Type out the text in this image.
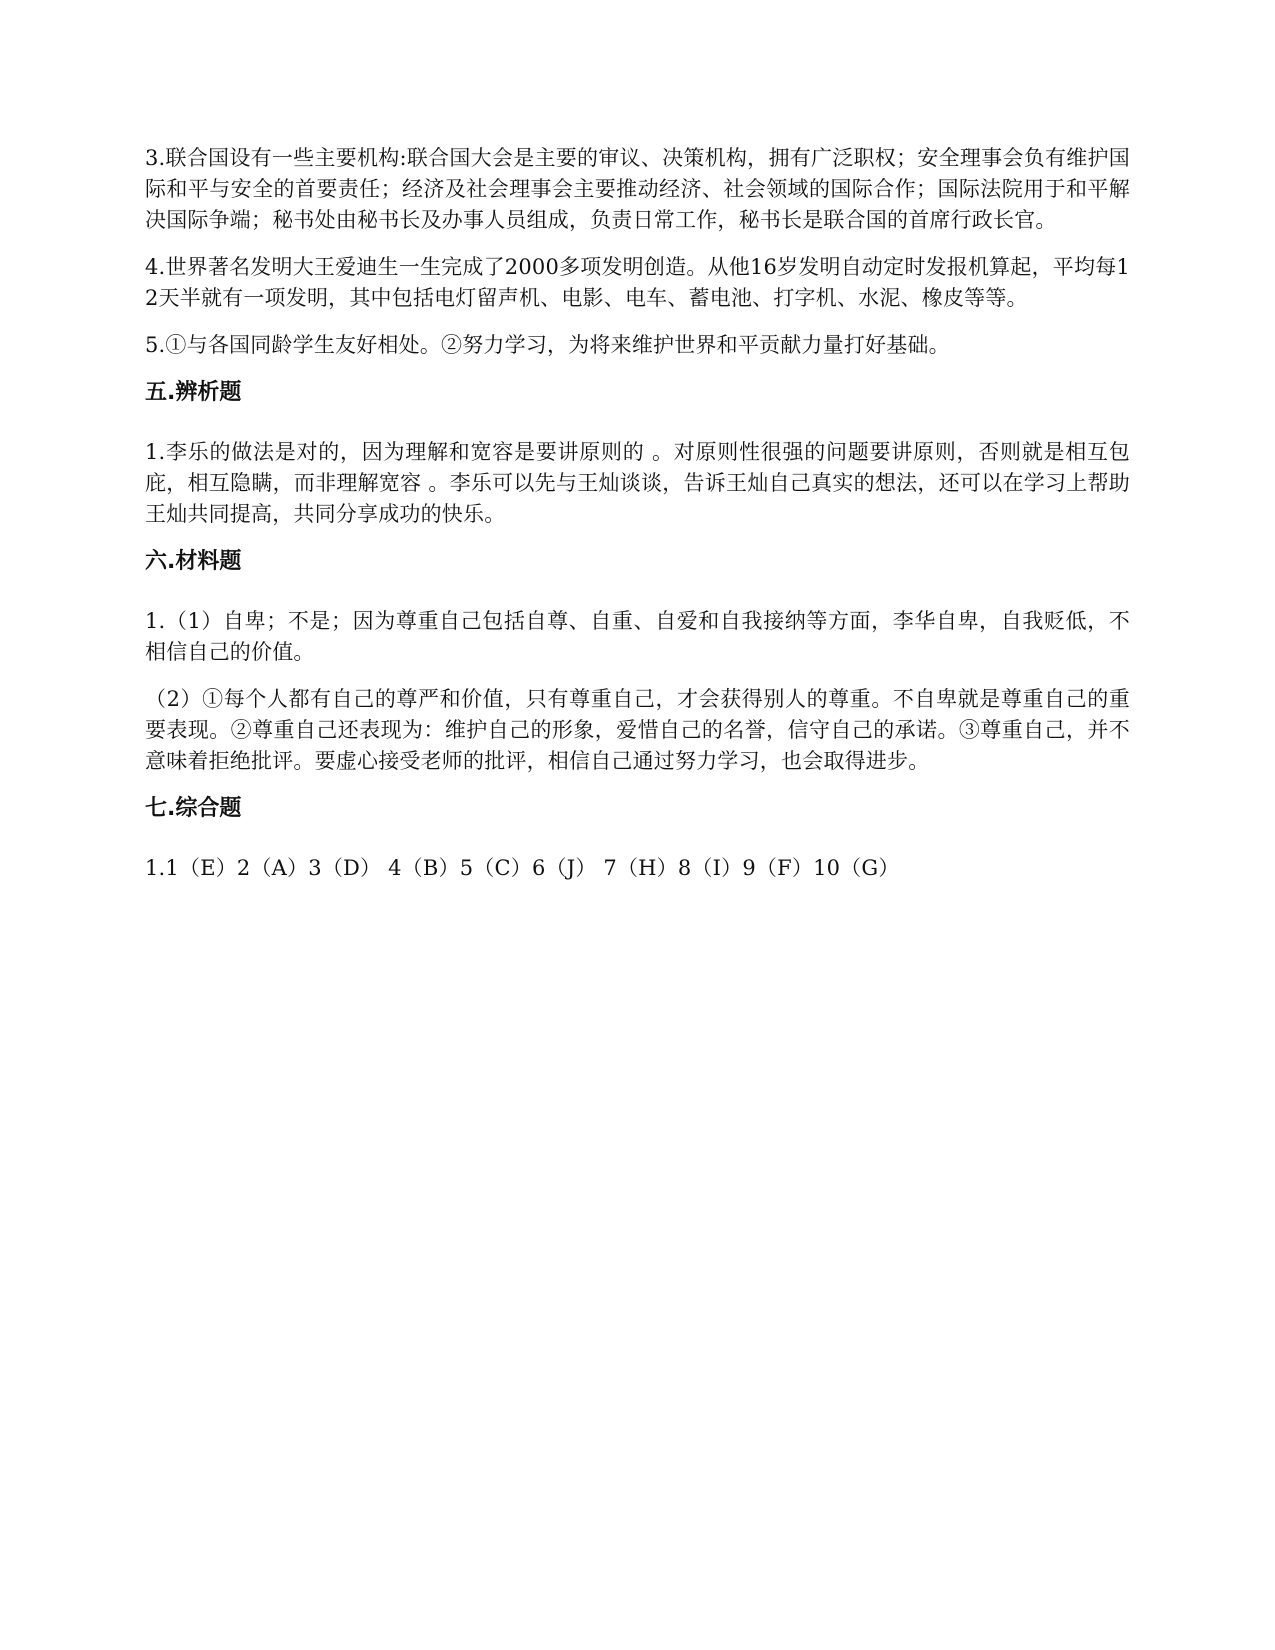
3.联合国设有一些主要机构:联合国大会是主要的审议、决策机构，拥有广泛职权；安全理事会负有维护国际和平与安全的首要责任；经济及社会理事会主要推动经济、社会领域的国际合作；国际法院用于和平解决国际争端；秘书处由秘书长及办事人员组成，负责日常工作，秘书长是联合国的首席行政长官。

4.世界著名发明大王爱迪生一生完成了2000多项发明创造。从他16岁发明自动定时发报机算起，平均每12天半就有一项发明，其中包括电灯留声机、电影、电车、蓄电池、打字机、水泥、橡皮等等。

5.①与各国同龄学生友好相处。②努力学习，为将来维护世界和平贡献力量打好基础。

五.辨析题

1.李乐的做法是对的，因为理解和宽容是要讲原则的 。对原则性很强的问题要讲原则，否则就是相互包庇，相互隐瞒，而非理解宽容 。李乐可以先与王灿谈谈，告诉王灿自己真实的想法，还可以在学习上帮助王灿共同提高，共同分享成功的快乐。

六.材料题

1.（1）自卑；不是；因为尊重自己包括自尊、自重、自爱和自我接纳等方面，李华自卑，自我贬低，不相信自己的价值。

（2）①每个人都有自己的尊严和价值，只有尊重自己，才会获得别人的尊重。不自卑就是尊重自己的重要表现。②尊重自己还表现为：维护自己的形象，爱惜自己的名誉，信守自己的承诺。③尊重自己，并不意味着拒绝批评。要虚心接受老师的批评，相信自己通过努力学习，也会取得进步。

七.综合题

1.1（E）2（A）3（D） 4（B）5（C）6（J） 7（H）8（I）9（F）10（G）
